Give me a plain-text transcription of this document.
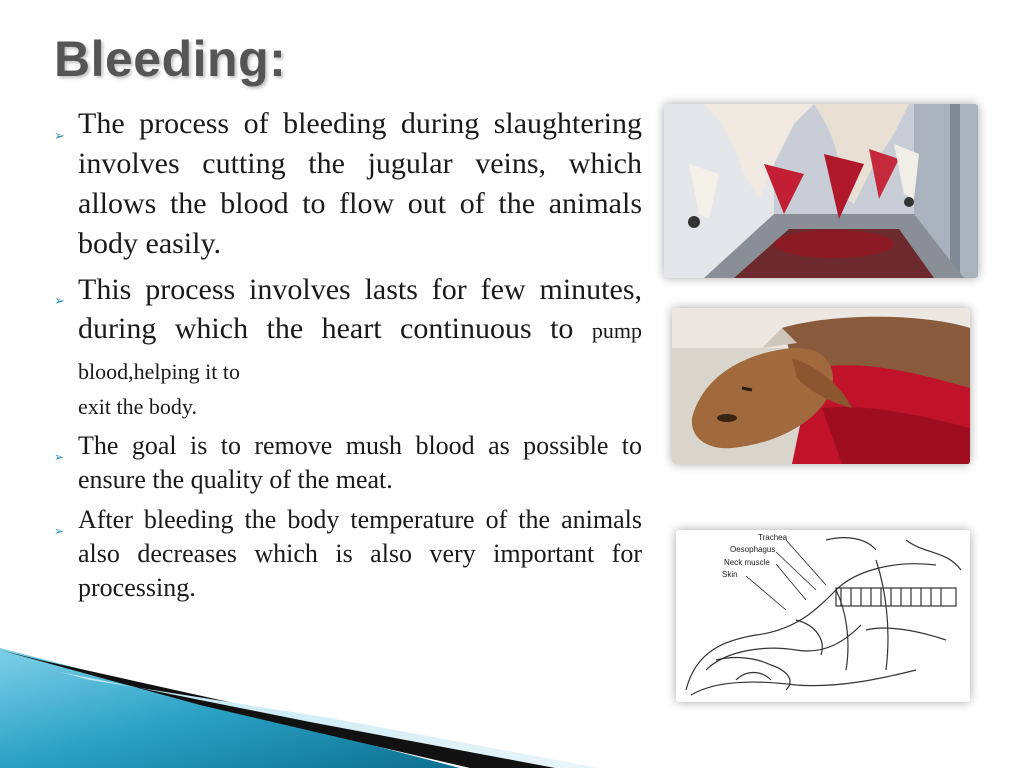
Bleeding:
➢ The process of bleeding during slaughtering involves cutting the jugular veins, which allows the blood to flow out of the animals body easily.
➢ This process involves lasts for few minutes, during which the heart continuous to pump blood,helping it to
exit the body.
➢ The goal is to remove mush blood as possible to ensure the quality of the meat.
➢ After bleeding the body temperature of the animals also decreases which is also very important for processing.
Trachea
Oesophagus
Neck muscle
Skin
